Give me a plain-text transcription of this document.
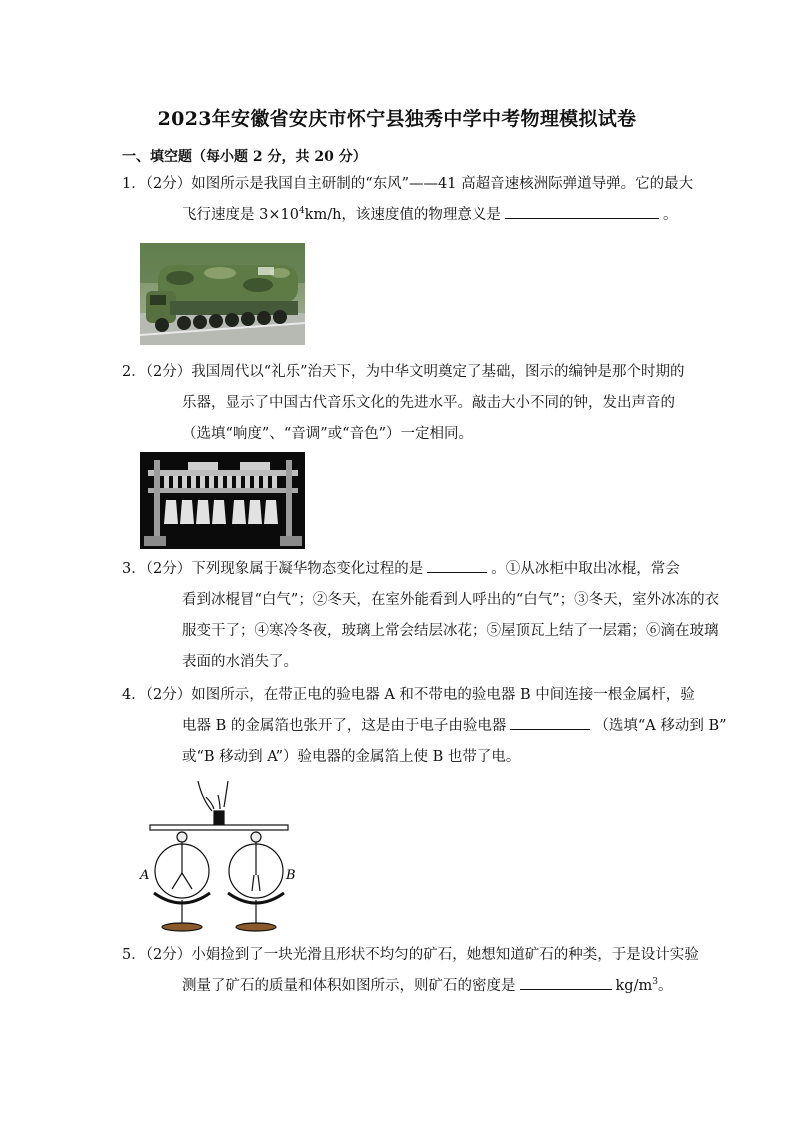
2023年安徽省安庆市怀宁县独秀中学中考物理模拟试卷
一、填空题（每小题 2 分，共 20 分）
1．（2分）如图所示是我国自主研制的“东风”——41 高超音速核洲际弹道导弹。它的最大
飞行速度是 $3\times 10^4km/h$，该速度值的物理意义是	。
2．（2分）我国周代以“礼乐”治天下，为中华文明奠定了基础，图示的编钟是那个时期的
乐器，显示了中国古代音乐文化的先进水平。敲击大小不同的钟，发出声音的
（选填“响度”、“音调”或“音色”）一定相同。
3．（2分）下列现象属于凝华物态变化过程的是	。①从冰柜中取出冰棍，常会
看到冰棍冒“白气”；②冬天，在室外能看到人呼出的“白气”；③冬天，室外冰冻的衣
服变干了；④寒冷冬夜，玻璃上常会结层冰花；⑤屋顶瓦上结了一层霜；⑥滴在玻璃
表面的水消失了。
4．（2分）如图所示，在带正电的验电器 A 和不带电的验电器 B 中间连接一根金属杆，验
电器 B 的金属箔也张开了，这是由于电子由验电器	（选填“A 移动到 B”
或“B 移动到 A”）验电器的金属箔上使 B 也带了电。
A	B
5．（2分）小娟捡到了一块光滑且形状不均匀的矿石，她想知道矿石的种类，于是设计实验
测量了矿石的质量和体积如图所示，则矿石的密度是	$kg/m^3$。
